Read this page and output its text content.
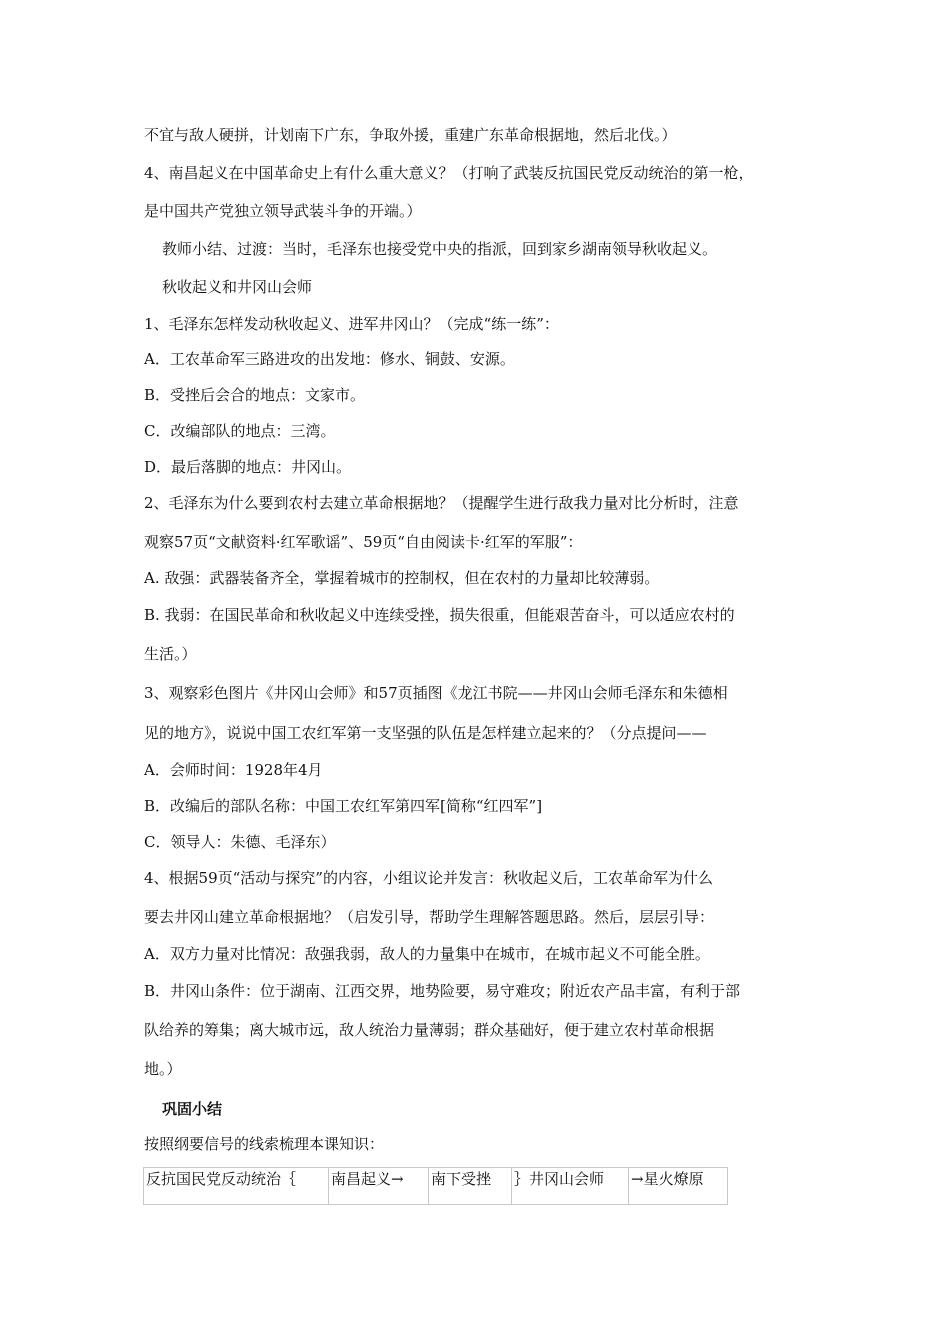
不宜与敌人硬拼，计划南下广东，争取外援，重建广东革命根据地，然后北伐。）
4、南昌起义在中国革命史上有什么重大意义？（打响了武装反抗国民党反动统治的第一枪，
是中国共产党独立领导武装斗争的开端。）
教师小结、过渡：当时，毛泽东也接受党中央的指派，回到家乡湖南领导秋收起义。
秋收起义和井冈山会师
1、毛泽东怎样发动秋收起义、进军井冈山？（完成“练一练”：
A．工农革命军三路进攻的出发地：修水、铜鼓、安源。
B．受挫后会合的地点：文家市。
C．改编部队的地点：三湾。
D．最后落脚的地点：井冈山。
2、毛泽东为什么要到农村去建立革命根据地？（提醒学生进行敌我力量对比分析时，注意
观察57页“文献资料·红军歌谣”、59页“自由阅读卡·红军的军服”：
A. 敌强：武器装备齐全，掌握着城市的控制权，但在农村的力量却比较薄弱。
B. 我弱：在国民革命和秋收起义中连续受挫，损失很重，但能艰苦奋斗，可以适应农村的
生活。）
3、观察彩色图片《井冈山会师》和57页插图《龙江书院——井冈山会师毛泽东和朱德相
见的地方》，说说中国工农红军第一支坚强的队伍是怎样建立起来的？（分点提问——
A．会师时间：1928年4月
B．改编后的部队名称：中国工农红军第四军[简称“红四军”]
C．领导人：朱德、毛泽东）
4、根据59页“活动与探究”的内容，小组议论并发言：秋收起义后，工农革命军为什么
要去井冈山建立革命根据地？（启发引导，帮助学生理解答题思路。然后，层层引导：
A．双方力量对比情况：敌强我弱，敌人的力量集中在城市，在城市起义不可能全胜。
B．井冈山条件：位于湖南、江西交界，地势险要，易守难攻；附近农产品丰富，有利于部
队给养的筹集；离大城市远，敌人统治力量薄弱；群众基础好，便于建立农村革命根据
地。）
巩固小结
按照纲要信号的线索梳理本课知识：
反抗国民党反动统治｛	南昌起义→	南下受挫	｝井冈山会师	→星火燎原
